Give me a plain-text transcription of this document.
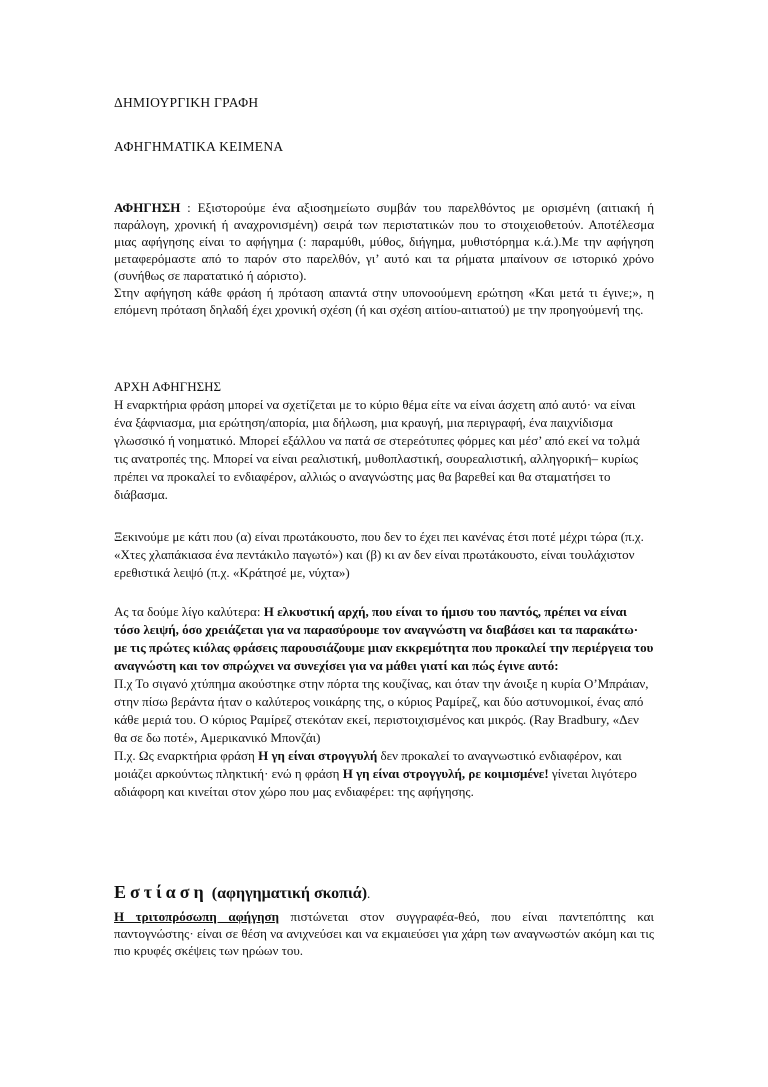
ΔΗΜΙΟΥΡΓΙΚΗ ΓΡΑΦΗ
ΑΦΗΓΗΜΑΤΙΚΑ ΚΕΙΜΕΝΑ

ΑΦΗΓΗΣΗ : Εξιστορούμε ένα αξιοσημείωτο συμβάν του παρελθόντος με ορισμένη (αιτιακή ή παράλογη, χρονική ή αναχρονισμένη) σειρά των περιστατικών που το στοιχειοθετούν. Αποτέλεσμα μιας αφήγησης είναι το αφήγημα (: παραμύθι, μύθος, διήγημα, μυθιστόρημα κ.ά.).Με την αφήγηση μεταφερόμαστε από το παρόν στο παρελθόν, γι’ αυτό και τα ρήματα μπαίνουν σε ιστορικό χρόνο (συνήθως σε παρατατικό ή αόριστο).

Στην αφήγηση κάθε φράση ή πρόταση απαντά στην υπονοούμενη ερώτηση «Και μετά τι έγινε;», η επόμενη πρόταση δηλαδή έχει χρονική σχέση (ή και σχέση αιτίου-αιτιατού) με την προηγούμενή της.

ΑΡΧΗ ΑΦΗΓΗΣΗΣ

Η εναρκτήρια φράση μπορεί να σχετίζεται με το κύριο θέμα είτε να είναι άσχετη από αυτό· να είναι ένα ξάφνιασμα, μια ερώτηση/απορία, μια δήλωση, μια κραυγή, μια περιγραφή, ένα παιχνίδισμα γλωσσικό ή νοηματικό. Μπορεί εξάλλου να πατά σε στερεότυπες φόρμες και μέσ’ από εκεί να τολμά τις ανατροπές της. Μπορεί να είναι ρεαλιστική, μυθοπλαστική, σουρεαλιστική, αλληγορική– κυρίως πρέπει να προκαλεί το ενδιαφέρον, αλλιώς ο αναγνώστης μας θα βαρεθεί και θα σταματήσει το διάβασμα.

Ξεκινούμε με κάτι που (α) είναι πρωτάκουστο, που δεν το έχει πει κανένας έτσι ποτέ μέχρι τώρα (π.χ. «Χτες χλαπάκιασα ένα πεντάκιλο παγωτό») και (β) κι αν δεν είναι πρωτάκουστο, είναι τουλάχιστον ερεθιστικά λειψό (π.χ. «Κράτησέ με, νύχτα»)

Ας τα δούμε λίγο καλύτερα: Η ελκυστική αρχή, που είναι το ήμισυ του παντός, πρέπει να είναι τόσο λειψή, όσο χρειάζεται για να παρασύρουμε τον αναγνώστη να διαβάσει και τα παρακάτω· με τις πρώτες κιόλας φράσεις παρουσιάζουμε μιαν εκκρεμότητα που προκαλεί την περιέργεια του αναγνώστη και τον σπρώχνει να συνεχίσει για να μάθει γιατί και πώς έγινε αυτό:

Π.χ Το σιγανό χτύπημα ακούστηκε στην πόρτα της κουζίνας, και όταν την άνοιξε η κυρία Ο’Μπράιαν, στην πίσω βεράντα ήταν ο καλύτερος νοικάρης της, ο κύριος Ραμίρεζ, και δύο αστυνομικοί, ένας από κάθε μεριά του. Ο κύριος Ραμίρεζ στεκόταν εκεί, περιστοιχισμένος και μικρός. (Ray Bradbury, «Δεν θα σε δω ποτέ», Αμερικανικό Μπονζάι)

Π.χ. Ως εναρκτήρια φράση Η γη είναι στρογγυλή δεν προκαλεί το αναγνωστικό ενδιαφέρον, και μοιάζει αρκούντως πληκτική· ενώ η φράση Η γη είναι στρογγυλή, ρε κοιμισμένε! γίνεται λιγότερο αδιάφορη και κινείται στον χώρο που μας ενδιαφέρει: της αφήγησης.

Εστίαση (αφηγηματική σκοπιά).
Η τριτοπρόσωπη αφήγηση πιστώνεται στον συγγραφέα-θεό, που είναι παντεπόπτης και παντογνώστης· είναι σε θέση να ανιχνεύσει και να εκμαιεύσει για χάρη των αναγνωστών ακόμη και τις πιο κρυφές σκέψεις των ηρώων του.
